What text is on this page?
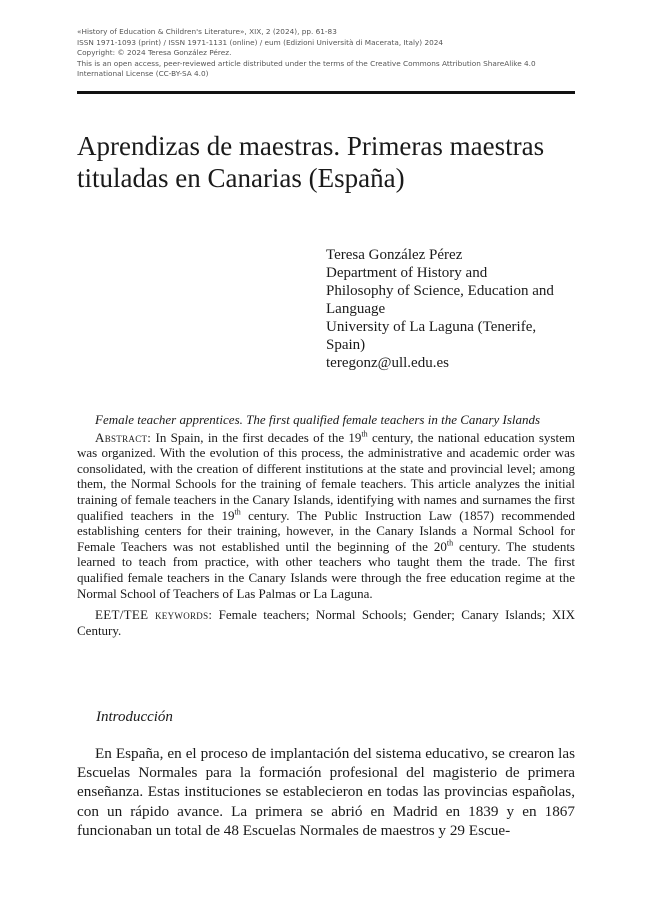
«History of Education & Children's Literature», XIX, 2 (2024), pp. 61-83
ISSN 1971-1093 (print) / ISSN 1971-1131 (online) / eum (Edizioni Università di Macerata, Italy) 2024
Copyright: © 2024 Teresa González Pérez.
This is an open access, peer-reviewed article distributed under the terms of the Creative Commons Attribution ShareAlike 4.0
International License (CC-BY-SA 4.0)
Aprendizas de maestras. Primeras maestras
tituladas en Canarias (España)
Teresa González Pérez
Department of History and
Philosophy of Science, Education and
Language
University of La Laguna (Tenerife,
Spain)
teregonz@ull.edu.es

Female teacher apprentices. The first qualified female teachers in the Canary Islands

Abstract: In Spain, in the first decades of the 19th century, the national education system was organized. With the evolution of this process, the administrative and academic order was consolidated, with the creation of different institutions at the state and provincial level; among them, the Normal Schools for the training of female teachers. This article analyzes the initial training of female teachers in the Canary Islands, identifying with names and surnames the first qualified teachers in the 19th century. The Public Instruction Law (1857) recommended establishing centers for their training, however, in the Canary Islands a Normal School for Female Teachers was not established until the beginning of the 20th century. The students learned to teach from practice, with other teachers who taught them the trade. The first qualified female teachers in the Canary Islands were through the free education regime at the Normal School of Teachers of Las Palmas or La Laguna.

EET/TEE keywords: Female teachers; Normal Schools; Gender; Canary Islands; XIX Century.

Introducción

En España, en el proceso de implantación del sistema educativo, se crearon las Escuelas Normales para la formación profesional del magisterio de primera enseñanza. Estas instituciones se establecieron en todas las provincias españolas, con un rápido avance. La primera se abrió en Madrid en 1839 y en 1867 funcionaban un total de 48 Escuelas Normales de maestros y 29 Escue-
